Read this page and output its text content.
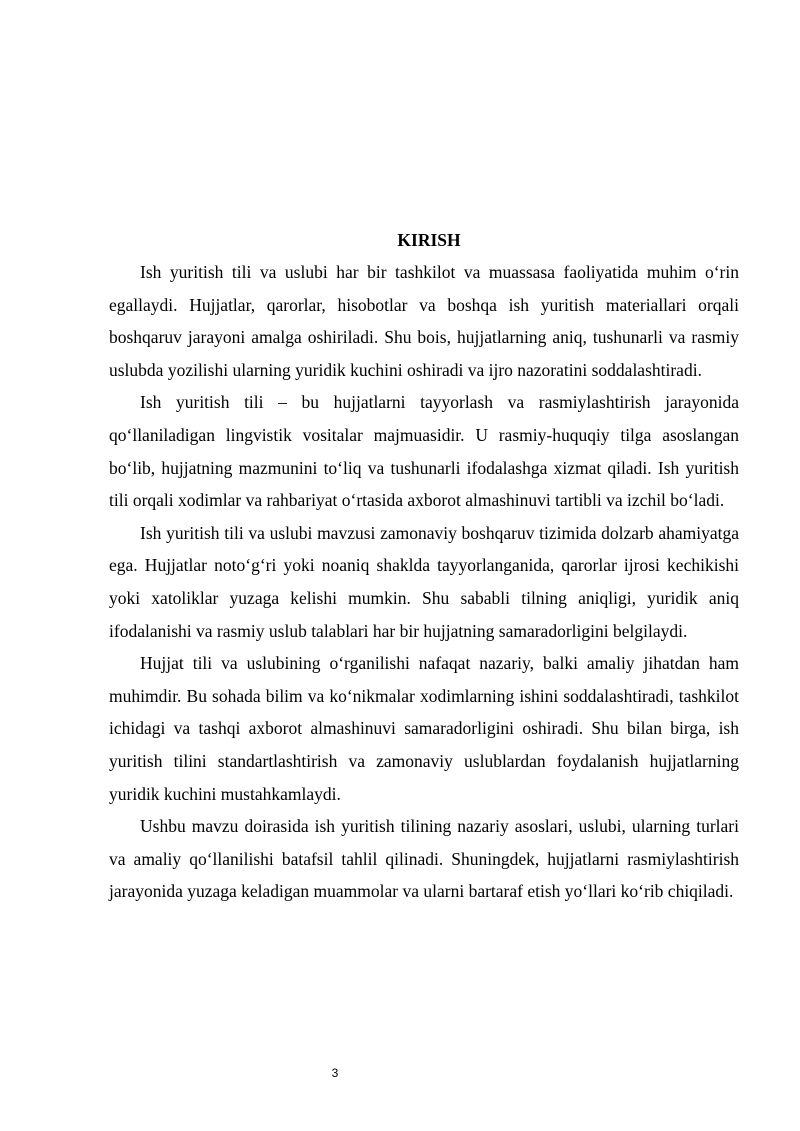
KIRISH

Ish yuritish tili va uslubi har bir tashkilot va muassasa faoliyatida muhim o‘rin egallaydi. Hujjatlar, qarorlar, hisobotlar va boshqa ish yuritish materiallari orqali boshqaruv jarayoni amalga oshiriladi. Shu bois, hujjatlarning aniq, tushunarli va rasmiy uslubda yozilishi ularning yuridik kuchini oshiradi va ijro nazoratini soddalashtiradi.

Ish yuritish tili – bu hujjatlarni tayyorlash va rasmiylashtirish jarayonida qo‘llaniladigan lingvistik vositalar majmuasidir. U rasmiy-huquqiy tilga asoslangan bo‘lib, hujjatning mazmunini to‘liq va tushunarli ifodalashga xizmat qiladi. Ish yuritish tili orqali xodimlar va rahbariyat o‘rtasida axborot almashinuvi tartibli va izchil bo‘ladi.

Ish yuritish tili va uslubi mavzusi zamonaviy boshqaruv tizimida dolzarb ahamiyatga ega. Hujjatlar noto‘g‘ri yoki noaniq shaklda tayyorlanganida, qarorlar ijrosi kechikishi yoki xatoliklar yuzaga kelishi mumkin. Shu sababli tilning aniqligi, yuridik aniq ifodalanishi va rasmiy uslub talablari har bir hujjatning samaradorligini belgilaydi.

Hujjat tili va uslubining o‘rganilishi nafaqat nazariy, balki amaliy jihatdan ham muhimdir. Bu sohada bilim va ko‘nikmalar xodimlarning ishini soddalashtiradi, tashkilot ichidagi va tashqi axborot almashinuvi samaradorligini oshiradi. Shu bilan birga, ish yuritish tilini standartlashtirish va zamonaviy uslublardan foydalanish hujjatlarning yuridik kuchini mustahkamlaydi.

Ushbu mavzu doirasida ish yuritish tilining nazariy asoslari, uslubi, ularning turlari va amaliy qo‘llanilishi batafsil tahlil qilinadi. Shuningdek, hujjatlarni rasmiylashtirish jarayonida yuzaga keladigan muammolar va ularni bartaraf etish yo‘llari ko‘rib chiqiladi.

3
